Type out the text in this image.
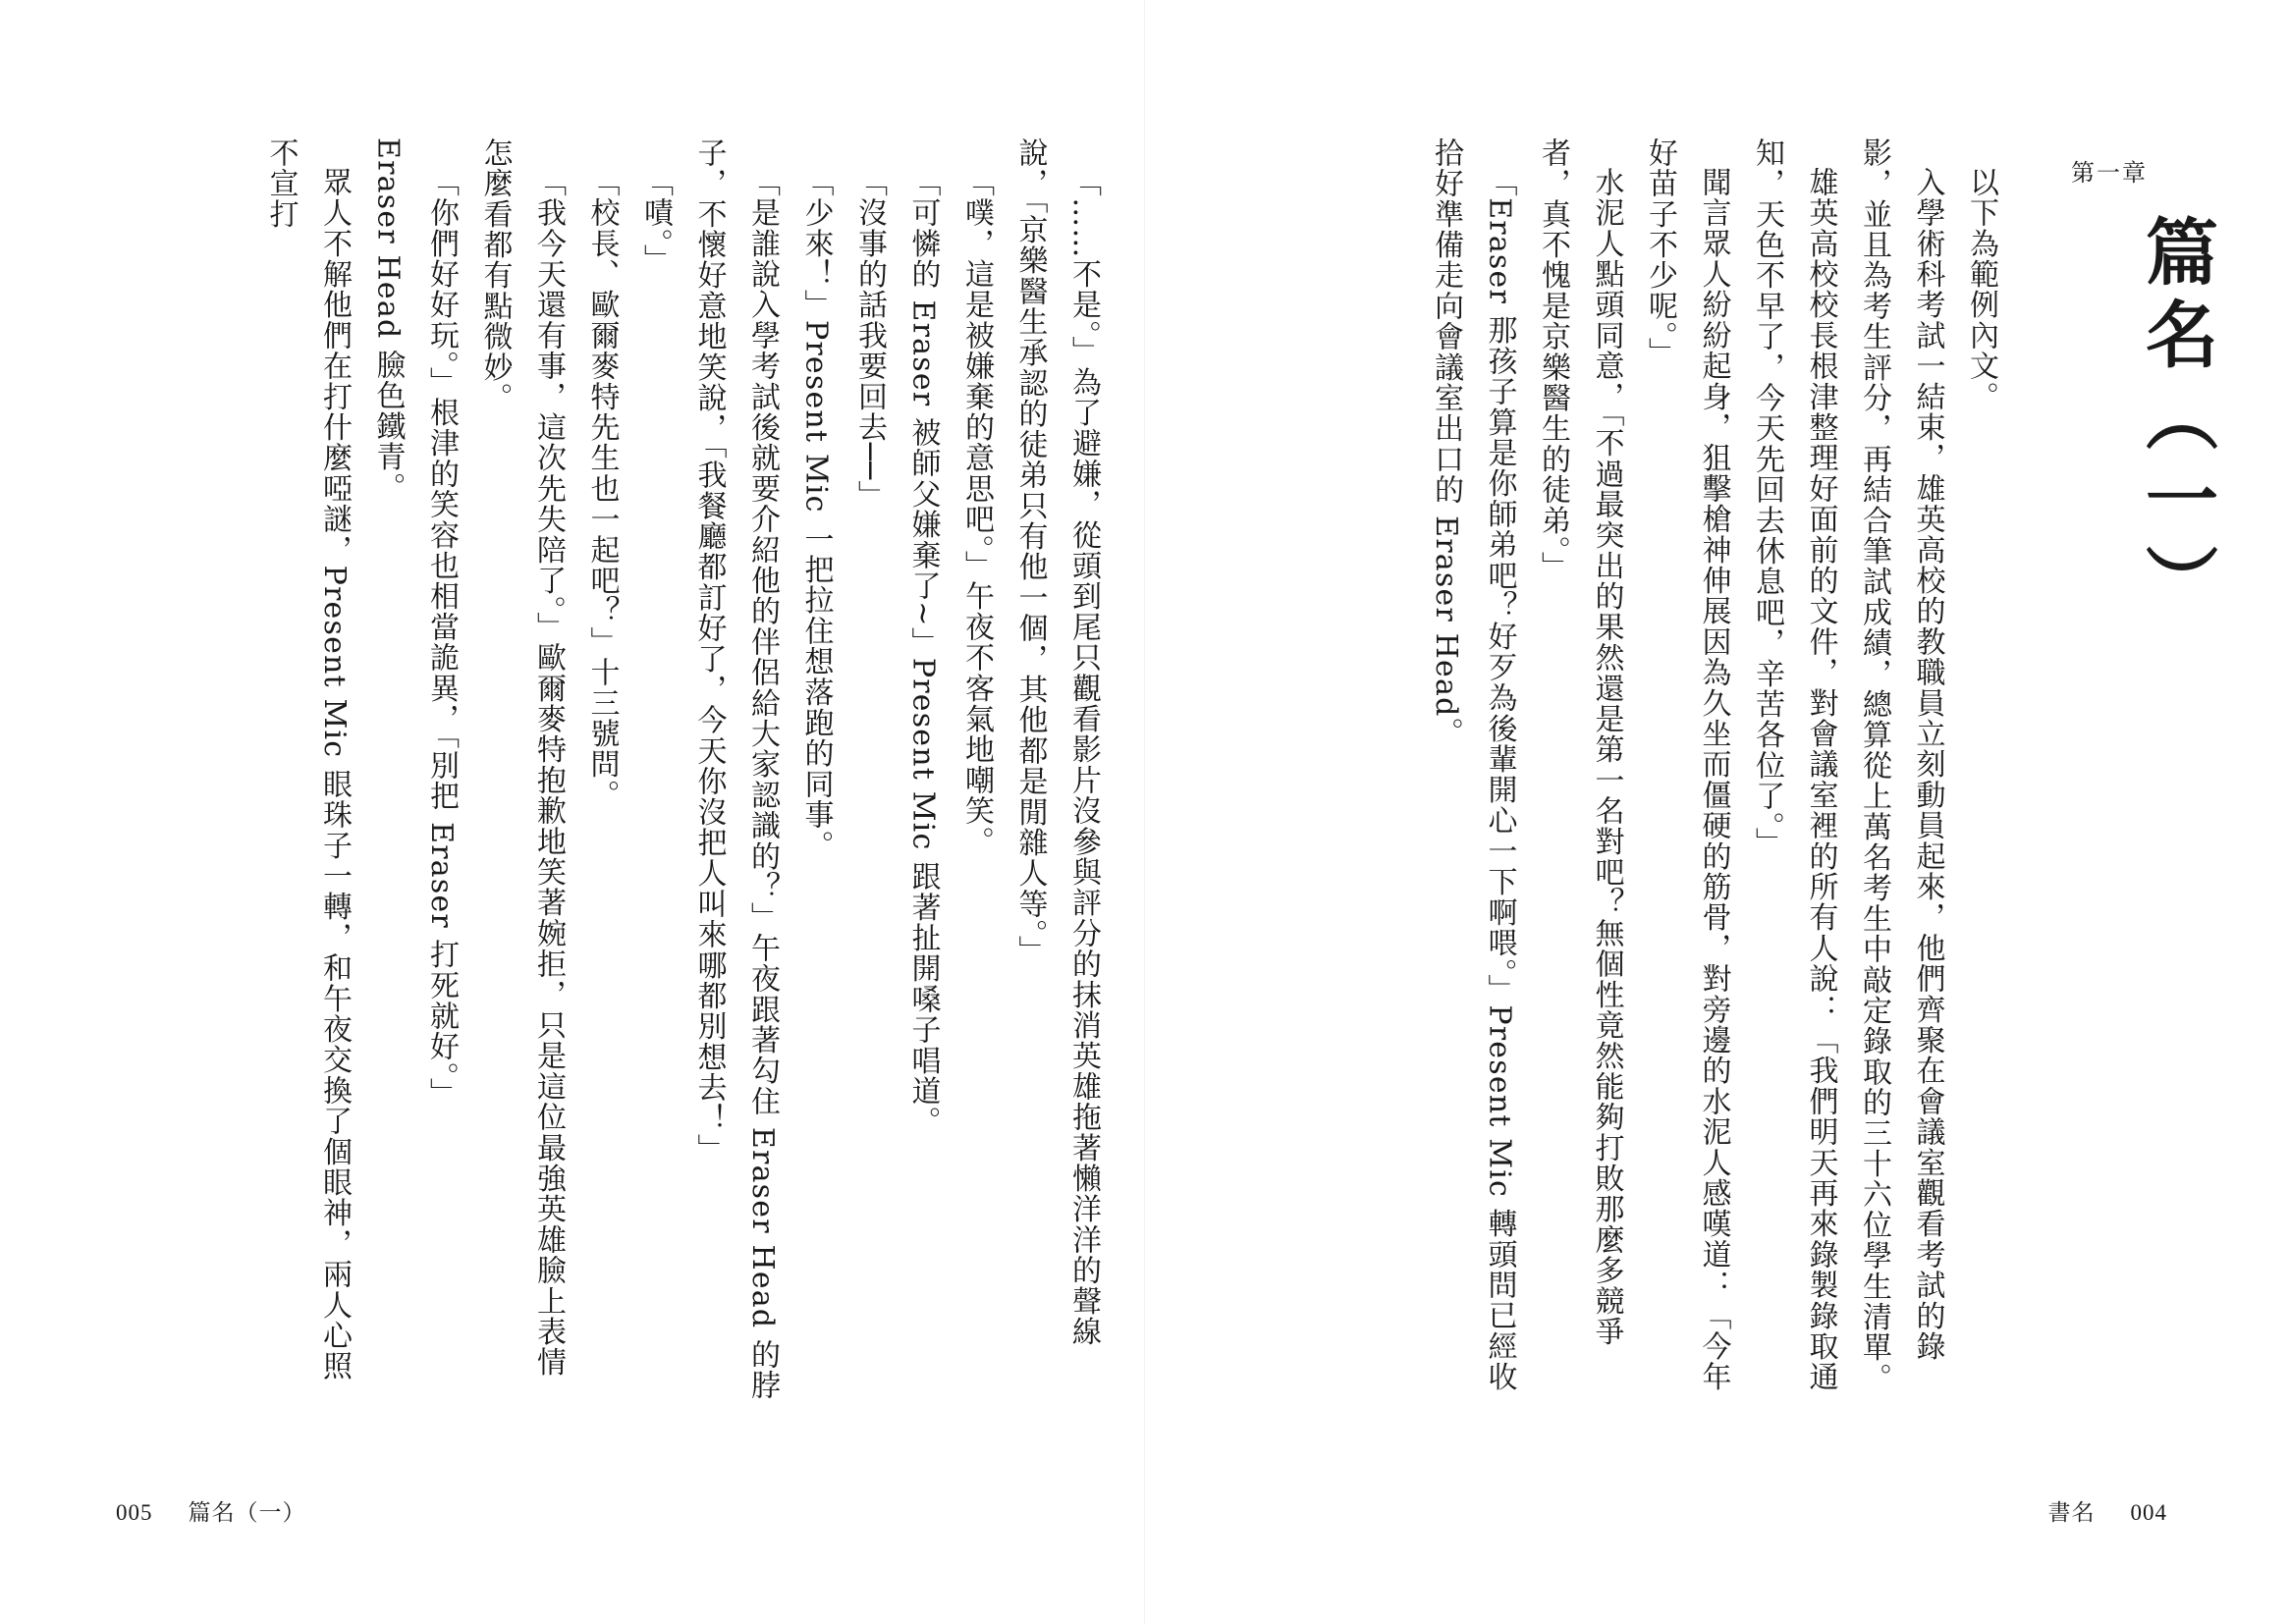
「……不是。」為了避嫌，從頭到尾只觀看影片沒參與評分的抹消英雄拖著懶洋洋的聲線說，「京樂醫生承認的徒弟只有他一個，其他都是閒雜人等。」
「噗，這是被嫌棄的意思吧。」午夜不客氣地嘲笑。
「可憐的 Eraser 被師父嫌棄了~」Present Mic 跟著扯開嗓子唱道。
「沒事的話我要回去──」
「少來！」Present Mic 一把拉住想落跑的同事。
「是誰說入學考試後就要介紹他的伴侶給大家認識的？」午夜跟著勾住 Eraser Head 的脖子，不懷好意地笑說，「我餐廳都訂好了，今天你沒把人叫來哪都別想去！」
「嘖。」
「校長、歐爾麥特先生也一起吧？」十三號問。
「我今天還有事，這次先失陪了。」歐爾麥特抱歉地笑著婉拒，只是這位最強英雄臉上表情怎麼看都有點微妙。
「你們好好玩。」根津的笑容也相當詭異，「別把 Eraser 打死就好。」
Eraser Head 臉色鐵青。
眾人不解他們在打什麼啞謎，Present Mic 眼珠子一轉，和午夜交換了個眼神，兩人心照不宣打
005 篇名（一）
第一章
篇名（一）
以下為範例內文。
入學術科考試一結束，雄英高校的教職員立刻動員起來，他們齊聚在會議室觀看考試的錄影，並且為考生評分，再結合筆試成績，總算從上萬名考生中敲定錄取的三十六位學生清單。
雄英高校校長根津整理好面前的文件，對會議室裡的所有人說：「我們明天再來錄製錄取通知，天色不早了，今天先回去休息吧，辛苦各位了。」
聞言眾人紛紛起身，狙擊槍神伸展因為久坐而僵硬的筋骨，對旁邊的水泥人感嘆道：「今年好苗子不少呢。」
水泥人點頭同意，「不過最突出的果然還是第一名對吧？無個性竟然能夠打敗那麼多競爭者，真不愧是京樂醫生的徒弟。」
「Eraser 那孩子算是你師弟吧？好歹為後輩開心一下啊喂。」Present Mic 轉頭問已經收拾好準備走向會議室出口的 Eraser Head。
書名 004
